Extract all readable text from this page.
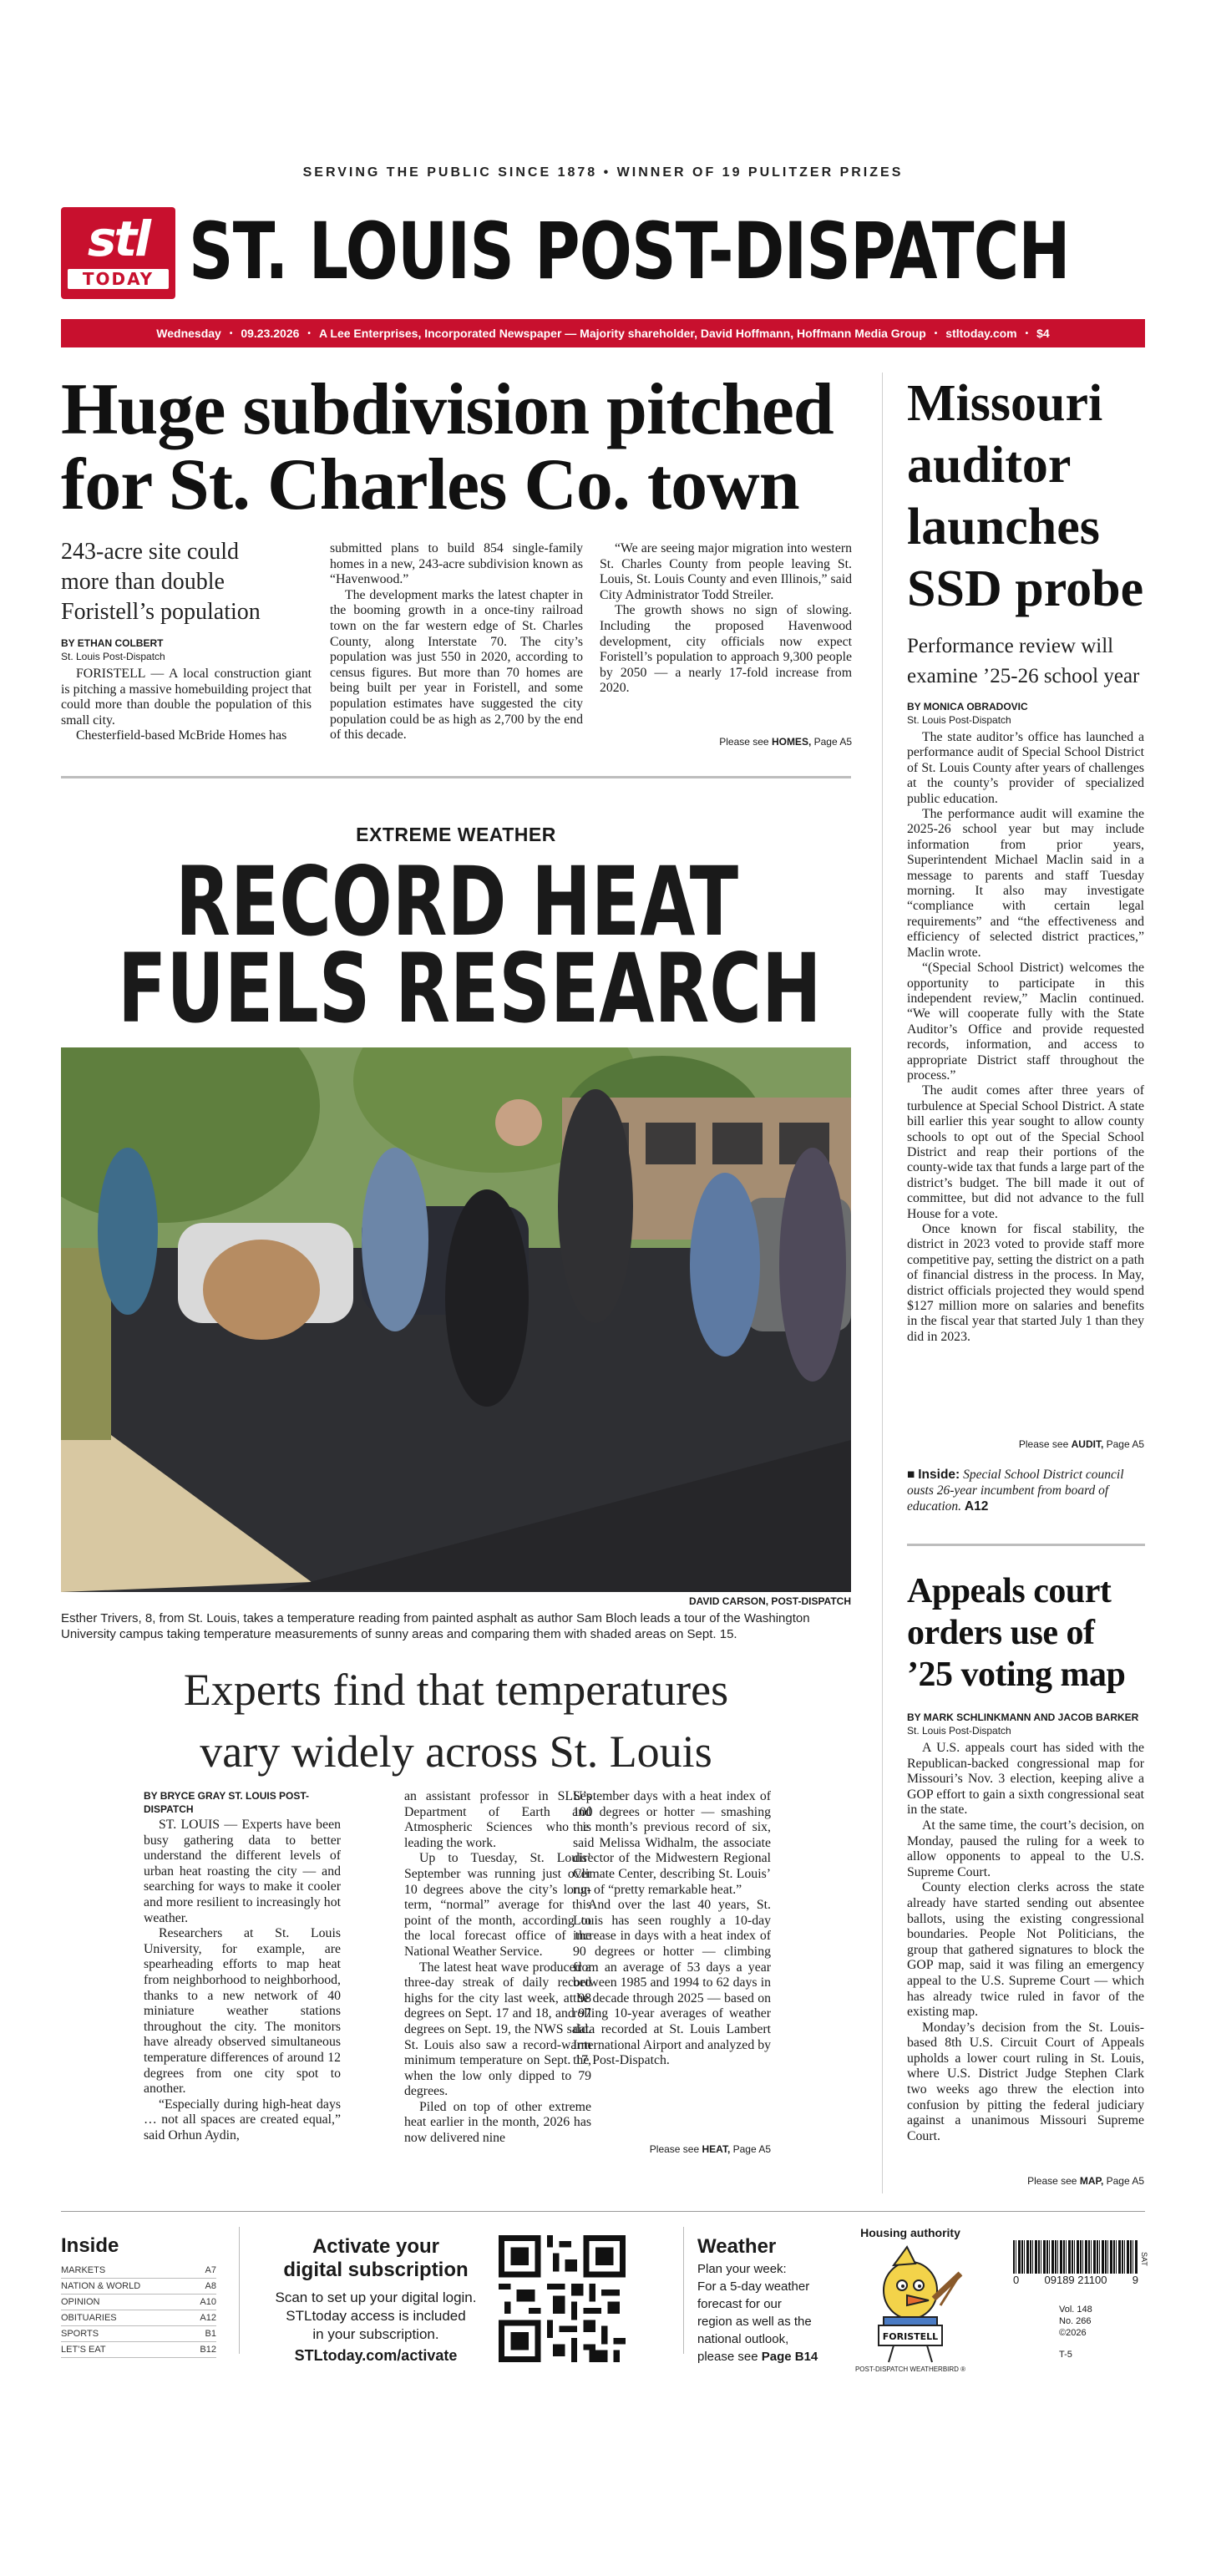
SERVING THE PUBLIC SINCE 1878 • WINNER OF 19 PULITZER PRIZES
stl
TODAY ST. LOUIS POST-DISPATCH
Wednesday • 09.23.2026 • A Lee Enterprises, Incorporated Newspaper — Majority shareholder, David Hoffmann, Hoffmann Media Group • stltoday.com • $4
Huge subdivision pitched for St. Charles Co. town
243-acre site could more than double Foristell’s population
BY ETHAN COLBERT
St. Louis Post-Dispatch

FORISTELL — A local construction giant is pitching a massive homebuilding project that could more than double the population of this small city.

Chesterfield-based McBride Homes has

submitted plans to build 854 single-family homes in a new, 243-acre subdivision known as “Havenwood.”

The development marks the latest chapter in the booming growth in a once-tiny railroad town on the far western edge of St. Charles County, along Interstate 70. The city’s population was just 550 in 2020, according to census figures. But more than 70 homes are being built per year in Foristell, and some population estimates have suggested the city population could be as high as 2,700 by the end of this decade.

“We are seeing major migration into western St. Charles County from people leaving St. Louis, St. Louis County and even Illinois,” said City Administrator Todd Streiler.

The growth shows no sign of slowing. Including the proposed Havenwood development, city officials now expect Foristell’s population to approach 9,300 people by 2050 — a nearly 17-fold increase from 2020.

Please see HOMES, Page A5
EXTREME WEATHER
RECORD HEAT
FUELS RESEARCH
DAVID CARSON, POST-DISPATCH
Esther Trivers, 8, from St. Louis, takes a temperature reading from painted asphalt as author Sam Bloch leads a tour of the Washington University campus taking temperature measurements of sunny areas and comparing them with shaded areas on Sept. 15.
Experts find that temperatures
vary widely across St. Louis
BY BRYCE GRAY ST. LOUIS POST-DISPATCH

ST. LOUIS — Experts have been busy gathering data to better understand the different levels of urban heat roasting the city — and searching for ways to make it cooler and more resilient to increasingly hot weather.

Researchers at St. Louis University, for example, are spearheading efforts to map heat from neighborhood to neighborhood, thanks to a new network of 40 miniature weather stations throughout the city. The monitors have already observed simultaneous temperature differences of around 12 degrees from one city spot to another.

“Especially during high-heat days … not all spaces are created equal,” said Orhun Aydin,

an assistant professor in SLU’s Department of Earth and Atmospheric Sciences who is leading the work.

Up to Tuesday, St. Louis’ September was running just over 10 degrees above the city’s long-term, “normal” average for this point of the month, according to the local forecast office of the National Weather Service.

The latest heat wave produced a three-day streak of daily record highs for the city last week, at 98 degrees on Sept. 17 and 18, and 97 degrees on Sept. 19, the NWS said. St. Louis also saw a record-warm minimum temperature on Sept. 17, when the low only dipped to 79 degrees.

Piled on top of other extreme heat earlier in the month, 2026 has now delivered nine

September days with a heat index of 100 degrees or hotter — smashing the month’s previous record of six, said Melissa Widhalm, the associate director of the Midwestern Regional Climate Center, describing St. Louis’ run of “pretty remarkable heat.”

And over the last 40 years, St. Louis has seen roughly a 10-day increase in days with a heat index of 90 degrees or hotter — climbing from an average of 53 days a year between 1985 and 1994 to 62 days in the decade through 2025 — based on rolling 10-year averages of weather data recorded at St. Louis Lambert International Airport and analyzed by the Post-Dispatch.

Please see HEAT, Page A5
Missouri
auditor
launches
SSD probe
Performance review will examine ’25-26 school year
BY MONICA OBRADOVIC
St. Louis Post-Dispatch

The state auditor’s office has launched a performance audit of Special School District of St. Louis County after years of challenges at the county’s provider of specialized public education.

The performance audit will examine the 2025-26 school year but may include information from prior years, Superintendent Michael Maclin said in a message to parents and staff Tuesday morning. It also may investigate “compliance with certain legal requirements” and “the effectiveness and efficiency of selected district practices,” Maclin wrote.

“(Special School District) welcomes the opportunity to participate in this independent review,” Maclin continued. “We will cooperate fully with the State Auditor’s Office and provide requested records, information, and access to appropriate District staff throughout the process.”

The audit comes after three years of turbulence at Special School District. A state bill earlier this year sought to allow county schools to opt out of the Special School District and reap their portions of the county-wide tax that funds a large part of the district’s budget. The bill made it out of committee, but did not advance to the full House for a vote.

Once known for fiscal stability, the district in 2023 voted to provide staff more competitive pay, setting the district on a path of financial distress in the process. In May, district officials projected they would spend $127 million more on salaries and benefits in the fiscal year that started July 1 than they did in 2023.

Please see AUDIT, Page A5
■ Inside: Special School District council ousts 26-year incumbent from board of education. A12
Appeals court
orders use of
’25 voting map
BY MARK SCHLINKMANN AND JACOB BARKER
St. Louis Post-Dispatch

A U.S. appeals court has sided with the Republican-backed congressional map for Missouri’s Nov. 3 election, keeping alive a GOP effort to gain a sixth congressional seat in the state.

At the same time, the court’s decision, on Monday, paused the ruling for a week to allow opponents to appeal to the U.S. Supreme Court.

County election clerks across the state already have started sending out absentee ballots, using the existing congressional boundaries. People Not Politicians, the group that gathered signatures to block the GOP map, said it was filing an emergency appeal to the U.S. Supreme Court — which has already twice ruled in favor of the existing map.

Monday’s decision from the St. Louis-based 8th U.S. Circuit Court of Appeals upholds a lower court ruling in St. Louis, where U.S. District Judge Stephen Clark two weeks ago threw the election into confusion by pitting the federal judiciary against a unanimous Missouri Supreme Court.

Please see MAP, Page A5
Inside
MARKETS	A7
NATION & WORLD	A8
OPINION	A10
OBITUARIES	A12
SPORTS	B1
LET’S EAT	B12
Activate your
digital subscription
Scan to set up your digital login.
STLtoday access is included
in your subscription.
STLtoday.com/activate
Weather
Plan your week:
For a 5-day weather
forecast for our
region as well as the
national outlook,
please see Page B14
Housing authority
FORISTELL
POST-DISPATCH WEATHERBIRD ®
0 09189 21100 9
SAT
Vol. 148
No. 266
©2026
T-5
